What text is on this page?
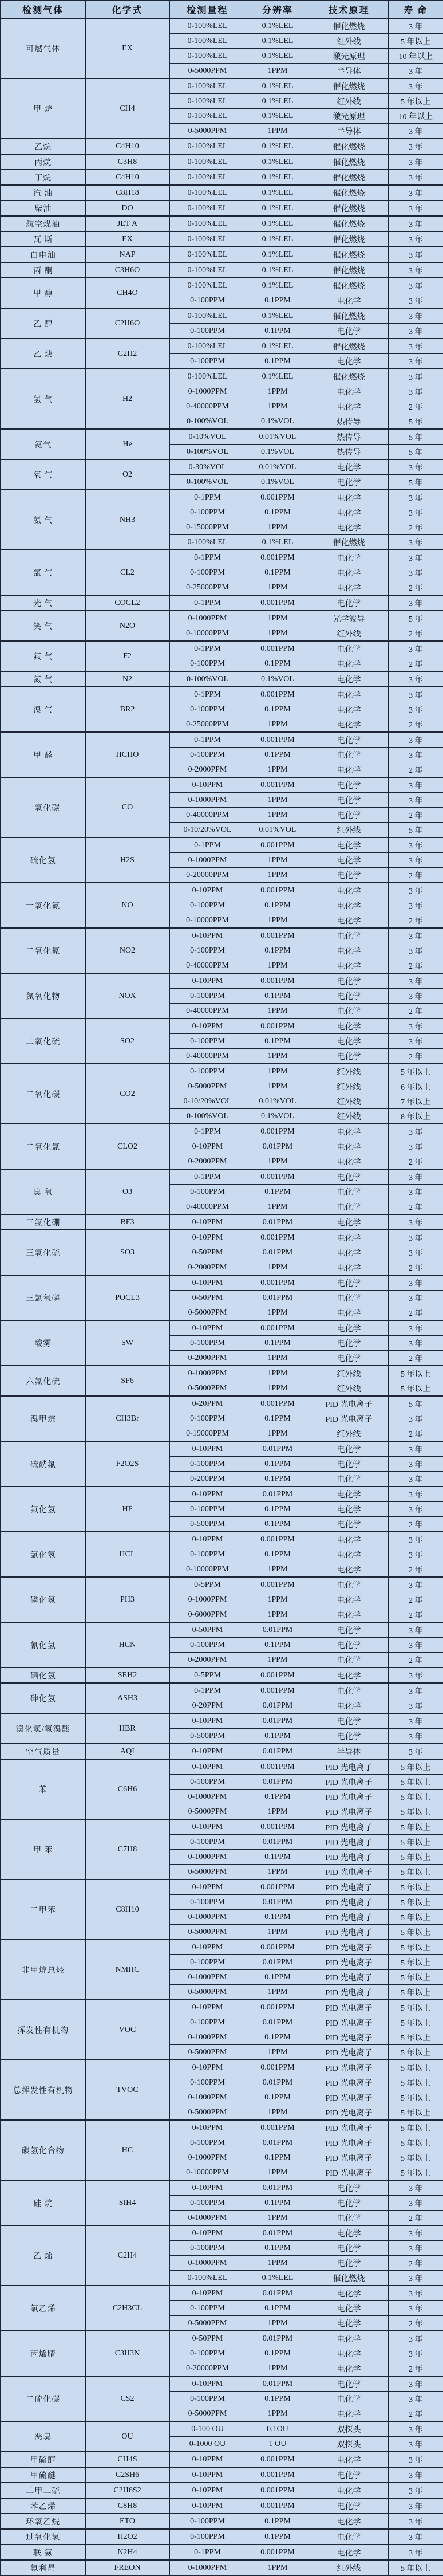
检测气体	化学式	检测量程	分辨率	技术原理	寿 命
可燃气体	EX	0-100%LEL	0.1%LEL	催化燃烧	3 年
		0-100%LEL	0.1%LEL	红外线	5 年以上
		0-100%LEL	0.1%LEL	激光原理	10 年以上
		0-5000PPM	1PPM	半导体	3 年
甲 烷	CH4	0-100%LEL	0.1%LEL	催化燃烧	3 年
		0-100%LEL	0.1%LEL	红外线	5 年以上
		0-100%LEL	0.1%LEL	激光原理	10 年以上
		0-5000PPM	1PPM	半导体	3 年
乙烷	C4H10	0-100%LEL	0.1%LEL	催化燃烧	3 年
丙烷	C3H8	0-100%LEL	0.1%LEL	催化燃烧	3 年
丁烷	C4H10	0-100%LEL	0.1%LEL	催化燃烧	3 年
汽 油	C8H18	0-100%LEL	0.1%LEL	催化燃烧	3 年
柴油	DO	0-100%LEL	0.1%LEL	催化燃烧	3 年
航空煤油	JET A	0-100%LEL	0.1%LEL	催化燃烧	3 年
瓦 斯	EX	0-100%LEL	0.1%LEL	催化燃烧	3 年
白电油	NAP	0-100%LEL	0.1%LEL	催化燃烧	3 年
丙 酮	C3H6O	0-100%LEL	0.1%LEL	催化燃烧	3 年
甲 醇	CH4O	0-100%LEL	0.1%LEL	催化燃烧	3 年
		0-100PPM	0.1PPM	电化学	3 年
乙 醇	C2H6O	0-100%LEL	0.1%LEL	催化燃烧	3 年
		0-100PPM	0.1PPM	电化学	3 年
乙 炔	C2H2	0-100%LEL	0.1%LEL	催化燃烧	3 年
		0-100PPM	0.1PPM	电化学	3 年
氢 气	H2	0-100%LEL	0.1%LEL	催化燃烧	3 年
		0-1000PPM	1PPM	电化学	3 年
		0-40000PPM	1PPM	电化学	2 年
		0-100%VOL	0.1%VOL	热传导	5 年
氦气	He	0-10%VOL	0.01%VOL	热传导	5 年
		0-100%VOL	0.1%VOL	热传导	5 年
氧 气	O2	0-30%VOL	0.01%VOL	电化学	3 年
		0-100%VOL	0.1%VOL	电化学	5 年
氨 气	NH3	0-1PPM	0.001PPM	电化学	3 年
		0-100PPM	0.1PPM	电化学	3 年
		0-15000PPM	1PPM	电化学	2 年
		0-100%LEL	0.1%LEL	催化燃烧	3 年
氯 气	CL2	0-1PPM	0.001PPM	电化学	3 年
		0-100PPM	0.1PPM	电化学	3 年
		0-25000PPM	1PPM	电化学	2 年
光 气	COCL2	0-1PPM	0.001PPM	电化学	3 年
笑 气	N2O	0-1000PPM	1PPM	光学波导	5 年
		0-10000PPM	1PPM	红外线	2 年
氟 气	F2	0-1PPM	0.001PPM	电化学	3 年
		0-100PPM	0.1PPM	电化学	2 年
氮 气	N2	0-100%VOL	0.1%VOL	电化学	3 年
溴 气	BR2	0-1PPM	0.001PPM	电化学	3 年
		0-100PPM	0.1PPM	电化学	3 年
		0-25000PPM	1PPM	电化学	2 年
甲 醛	HCHO	0-1PPM	0.001PPM	电化学	3 年
		0-100PPM	0.1PPM	电化学	3 年
		0-2000PPM	1PPM	电化学	2 年
一氧化碳	CO	0-10PPM	0.001PPM	电化学	3 年
		0-1000PPM	1PPM	电化学	3 年
		0-40000PPM	1PPM	电化学	2 年
		0-10/20%VOL	0.01%VOL	红外线	5 年
硫化氢	H2S	0-1PPM	0.001PPM	电化学	3 年
		0-1000PPM	1PPM	电化学	3 年
		0-20000PPM	1PPM	电化学	2 年
一氧化氮	NO	0-10PPM	0.001PPM	电化学	3 年
		0-100PPM	0.1PPM	电化学	3 年
		0-10000PPM	1PPM	电化学	2 年
二氧化氮	NO2	0-10PPM	0.001PPM	电化学	3 年
		0-100PPM	0.1PPM	电化学	3 年
		0-40000PPM	1PPM	电化学	2 年
氮氧化物	NOX	0-10PPM	0.001PPM	电化学	3 年
		0-100PPM	0.1PPM	电化学	3 年
		0-40000PPM	1PPM	电化学	2 年
二氧化硫	SO2	0-10PPM	0.001PPM	电化学	3 年
		0-100PPM	0.1PPM	电化学	3 年
		0-40000PPM	1PPM	电化学	2 年
二氧化碳	CO2	0-100PPM	1PPM	红外线	5 年以上
		0-5000PPM	1PPM	红外线	6 年以上
		0-10/20%VOL	0.01%VOL	红外线	7 年以上
		0-100%VOL	0.1%VOL	红外线	8 年以上
二氧化氯	CLO2	0-1PPM	0.001PPM	电化学	3 年
		0-10PPM	0.01PPM	电化学	3 年
		0-2000PPM	1PPM	电化学	2 年
臭 氧	O3	0-1PPM	0.001PPM	电化学	3 年
		0-100PPM	0.1PPM	电化学	3 年
		0-40000PPM	1PPM	电化学	2 年
三氟化硼	BF3	0-10PPM	0.01PPM	电化学	3 年
三氧化硫	SO3	0-10PPM	0.001PPM	电化学	3 年
		0-50PPM	0.01PPM	电化学	3 年
		0-2000PPM	1PPM	电化学	2 年
三氯氧磷	POCL3	0-10PPM	0.001PPM	电化学	3 年
		0-50PPM	0.01PPM	电化学	3 年
		0-5000PPM	1PPM	电化学	2 年
酸雾	SW	0-10PPM	0.001PPM	电化学	3 年
		0-100PPM	0.1PPM	电化学	3 年
		0-2000PPM	1PPM	电化学	2 年
六氟化硫	SF6	0-1000PPM	1PPM	红外线	5 年以上
		0-5000PPM	1PPM	红外线	5 年以上
溴甲烷	CH3Br	0-20PPM	0.001PPM	PID 光电离子	5 年
		0-100PPM	0.1PPM	PID 光电离子	3 年
		0-19000PPM	1PPM	红外线	2 年
硫酰氟	F2O2S	0-10PPM	0.01PPM	电化学	3 年
		0-100PPM	0.1PPM	电化学	3 年
		0-200PPM	0.1PPM	电化学	3 年
氟化氢	HF	0-10PPM	0.01PPM	电化学	3 年
		0-100PPM	0.1PPM	电化学	3 年
		0-500PPM	0.1PPM	电化学	2 年
氯化氢	HCL	0-10PPM	0.001PPM	电化学	3 年
		0-100PPM	0.1PPM	电化学	3 年
		0-10000PPM	1PPM	电化学	2 年
磷化氢	PH3	0-5PPM	0.001PPM	电化学	3 年
		0-1000PPM	1PPM	电化学	2 年
		0-6000PPM	1PPM	电化学	2 年
氰化氢	HCN	0-50PPM	0.01PPM	电化学	3 年
		0-100PPM	0.1PPM	电化学	3 年
		0-2000PPM	1PPM	电化学	2 年
硒化氢	SEH2	0-5PPM	0.001PPM	电化学	3 年
砷化氢	ASH3	0-1PPM	0.001PPM	电化学	3 年
		0-20PPM	0.01PPM	电化学	3 年
溴化氢/氢溴酸	HBR	0-10PPM	0.01PPM	电化学	3 年
		0-500PPM	0.1PPM	电化学	3 年
空气质量	AQI	0-10PPM	0.01PPM	半导体	3 年
苯	C6H6	0-10PPM	0.001PPM	PID 光电离子	5 年以上
		0-100PPM	0.01PPM	PID 光电离子	5 年以上
		0-1000PPM	0.1PPM	PID 光电离子	5 年以上
		0-5000PPM	1PPM	PID 光电离子	5 年以上
甲 苯	C7H8	0-10PPM	0.001PPM	PID 光电离子	5 年以上
		0-100PPM	0.01PPM	PID 光电离子	5 年以上
		0-1000PPM	0.1PPM	PID 光电离子	5 年以上
		0-5000PPM	1PPM	PID 光电离子	5 年以上
二甲苯	C8H10	0-10PPM	0.001PPM	PID 光电离子	5 年以上
		0-100PPM	0.01PPM	PID 光电离子	5 年以上
		0-1000PPM	0.1PPM	PID 光电离子	5 年以上
		0-5000PPM	1PPM	PID 光电离子	5 年以上
非甲烷总烃	NMHC	0-10PPM	0.001PPM	PID 光电离子	5 年以上
		0-100PPM	0.01PPM	PID 光电离子	5 年以上
		0-1000PPM	0.1PPM	PID 光电离子	5 年以上
		0-5000PPM	1PPM	PID 光电离子	5 年以上
挥发性有机物	VOC	0-10PPM	0.001PPM	PID 光电离子	5 年以上
		0-100PPM	0.01PPM	PID 光电离子	5 年以上
		0-1000PPM	0.1PPM	PID 光电离子	5 年以上
		0-5000PPM	1PPM	PID 光电离子	5 年以上
总挥发性有机物	TVOC	0-10PPM	0.001PPM	PID 光电离子	5 年以上
		0-100PPM	0.01PPM	PID 光电离子	5 年以上
		0-1000PPM	0.1PPM	PID 光电离子	5 年以上
		0-5000PPM	1PPM	PID 光电离子	5 年以上
碳氢化合物	HC	0-10PPM	0.001PPM	PID 光电离子	5 年以上
		0-100PPM	0.01PPM	PID 光电离子	5 年以上
		0-1000PPM	0.1PPM	PID 光电离子	5 年以上
		0-10000PPM	1PPM	PID 光电离子	5 年以上
硅 烷	SIH4	0-10PPM	0.01PPM	电化学	3 年
		0-100PPM	0.1PPM	电化学	3 年
		0-1000PPM	1PPM	电化学	2 年
乙 烯	C2H4	0-10PPM	0.01PPM	电化学	3 年
		0-100PPM	0.1PPM	电化学	3 年
		0-1000PPM	1PPM	电化学	2 年
		0-100%LEL	0.1%LEL	催化燃烧	3 年
氯乙烯	C2H3CL	0-10PPM	0.01PPM	电化学	3 年
		0-100PPM	0.1PPM	电化学	3 年
		0-5000PPM	1PPM	电化学	2 年
丙烯腈	C3H3N	0-50PPM	0.01PPM	电化学	3 年
		0-100PPM	0.1PPM	电化学	3 年
		0-20000PPM	1PPM	电化学	2 年
二硫化碳	CS2	0-10PPM	0.01PPM	电化学	3 年
		0-100PPM	0.1PPM	电化学	3 年
		0-5000PPM	1PPM	电化学	2 年
恶臭	OU	0-100 OU	0.1OU	双探头	3 年
		0-1000 OU	1 OU	双探头	3 年
甲硫醇	CH4S	0-10PPM	0.001PPM	电化学	3 年
甲硫醚	C2SH6	0-10PPM	0.001PPM	电化学	3 年
二甲二硫	C2H6S2	0-10PPM	0.001PPM	电化学	3 年
苯乙烯	C8H8	0-10PPM	0.001PPM	电化学	3 年
环氧乙烷	ETO	0-100PPM	0.1PPM	电化学	3 年
过氧化氢	H2O2	0-100PPM	0.1PPM	电化学	3 年
联 氨	N2H4	0-1PPM	0.001PPM	电化学	3 年
氟利昂	FREON	0-1000PPM	1PPM	红外线	5 年以上
